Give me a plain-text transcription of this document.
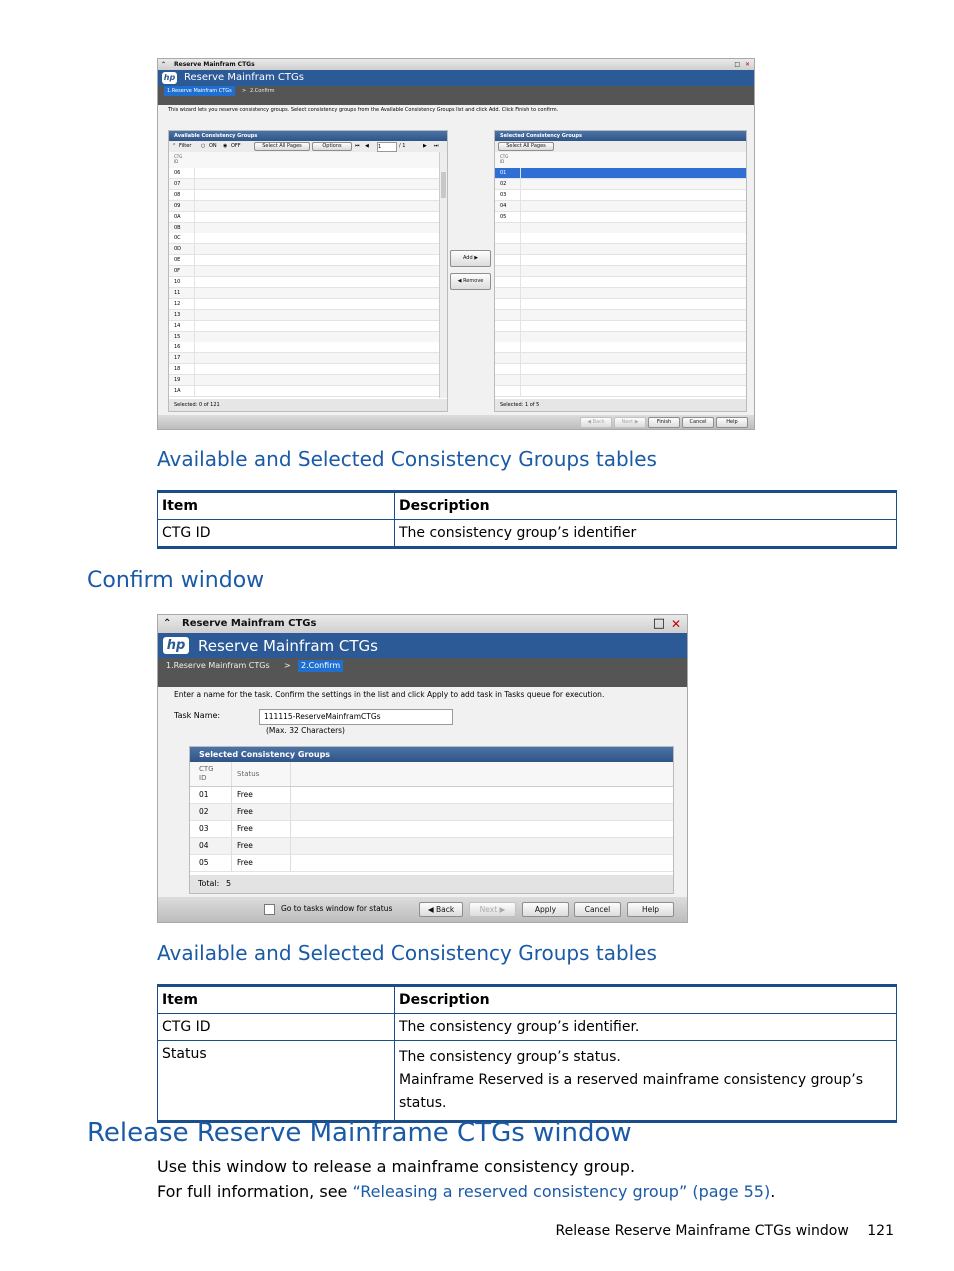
⌃ Reserve Mainfram CTGs	□ ✕
hp Reserve Mainfram CTGs
1.Reserve Mainfram CTGs	> 2.Confirm
This wizard lets you reserve consistency groups. Select consistency groups from the Available Consistency Groups list and click Add. Click Finish to confirm.
Available Consistency Groups
⌃ Filter ○ ON ◉ OFF	Select All Pages	Options	⏮ ◀ 1	/ 1	▶ ⏭
CTG ID
06
07
08
09
0A
0B
0C
0D
0E
0F
10
11
12
13
14
15
16
17
18
19
1A
Selected: 0 of 121
Add ▶
◀ Remove
Selected Consistency Groups
Select All Pages
CTG ID
01
02
03
04
05
Selected: 1 of 5
◀ Back	Next ▶	Finish	Cancel	Help
Available and Selected Consistency Groups tables
Item	Description
CTG ID	The consistency group’s identifier
Confirm window
⌃ Reserve Mainfram CTGs	□ ✕
hp Reserve Mainfram CTGs
1.Reserve Mainfram CTGs >	2.Confirm
Enter a name for the task. Confirm the settings in the list and click Apply to add task in Tasks queue for execution.
Task Name:	111115-ReserveMainframCTGs
(Max. 32 Characters)
Selected Consistency Groups
CTG ID	Status
01	Free
02	Free
03	Free
04	Free
05	Free
Total: 5
Go to tasks window for status	◀ Back	Next ▶	Apply	Cancel	Help
Available and Selected Consistency Groups tables
Item	Description
CTG ID	The consistency group’s identifier.
Status	The consistency group’s status.
Mainframe Reserved is a reserved mainframe consistency group’s status.
Release Reserve Mainframe CTGs window
Use this window to release a mainframe consistency group.
For full information, see “Releasing a reserved consistency group” (page 55).
Release Reserve Mainframe CTGs window 121
